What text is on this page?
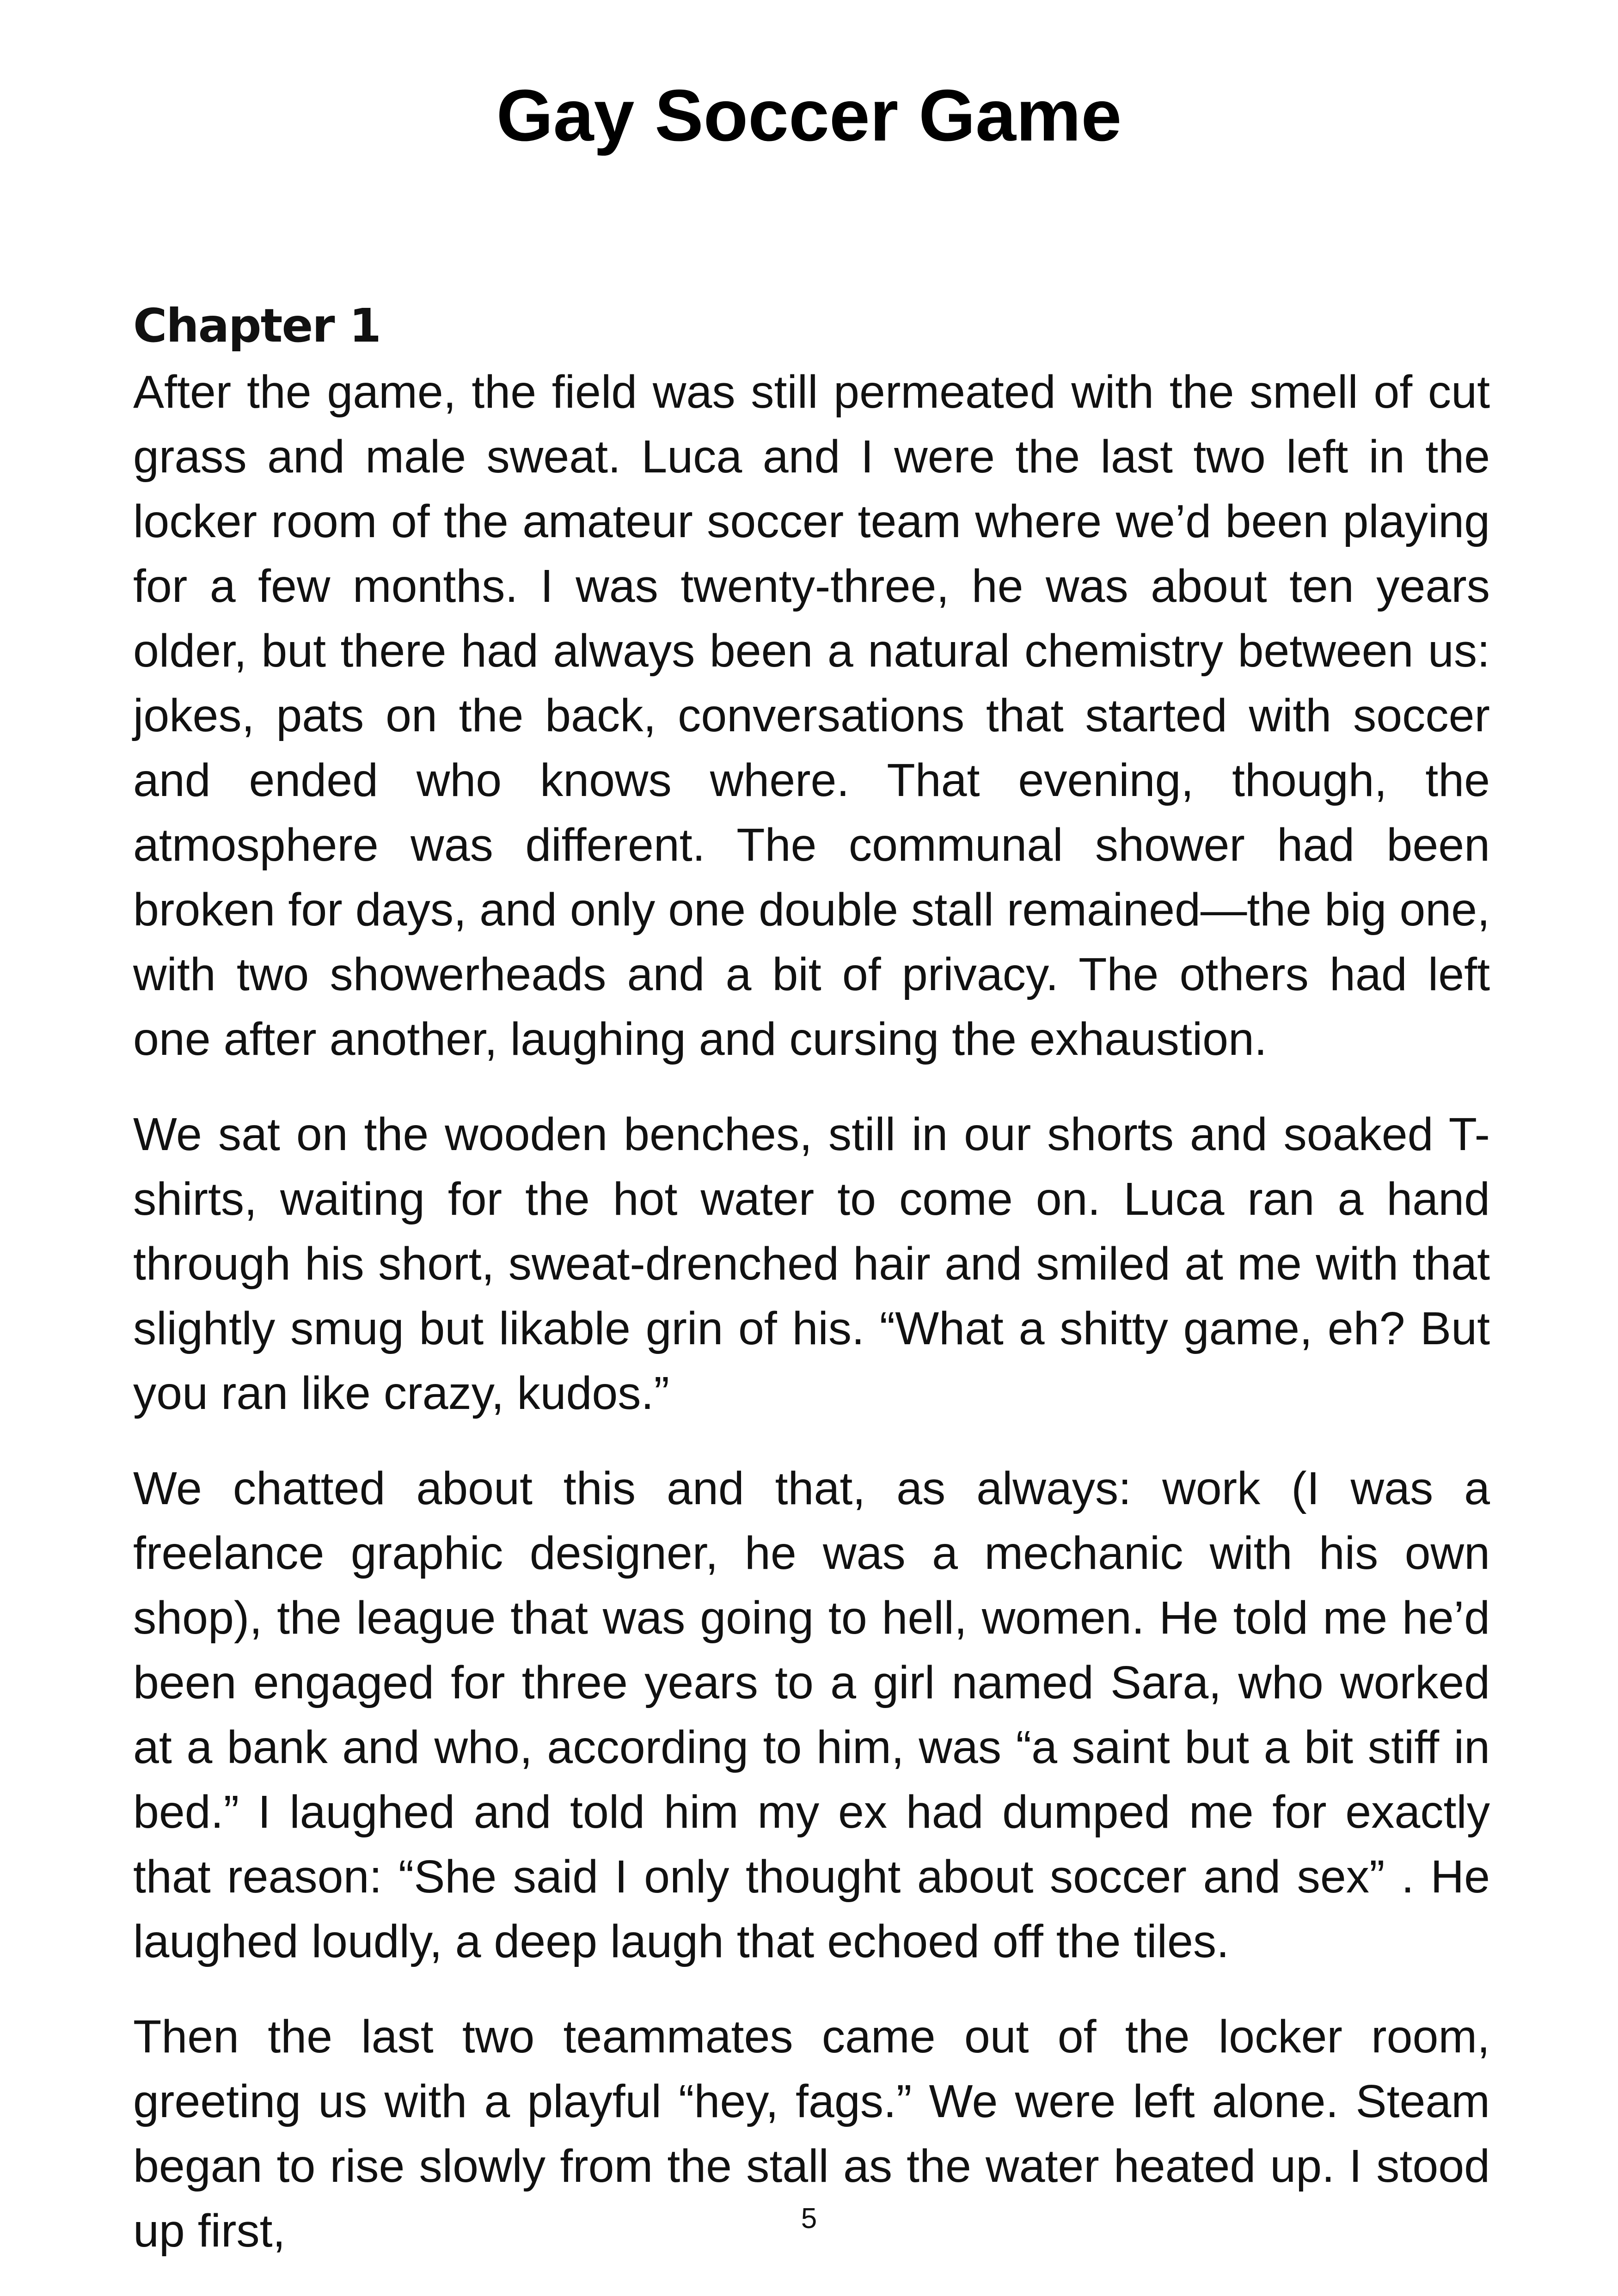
Gay Soccer Game
Chapter 1

After the game, the field was still permeated with the smell of cut grass and male sweat. Luca and I were the last two left in the locker room of the amateur soccer team where we’d been playing for a few months. I was twenty-three, he was about ten years older, but there had always been a natural chemistry between us: jokes, pats on the back, conversations that started with soccer and ended who knows where. That evening, though, the atmosphere was different. The communal shower had been broken for days, and only one double stall remained—the big one, with two showerheads and a bit of privacy. The others had left one after another, laughing and cursing the exhaustion.

We sat on the wooden benches, still in our shorts and soaked T-shirts, waiting for the hot water to come on. Luca ran a hand through his short, sweat-drenched hair and smiled at me with that slightly smug but likable grin of his. “What a shitty game, eh? But you ran like crazy, kudos.”

We chatted about this and that, as always: work (I was a freelance graphic designer, he was a mechanic with his own shop), the league that was going to hell, women. He told me he’d been engaged for three years to a girl named Sara, who worked at a bank and who, according to him, was “a saint but a bit stiff in bed.” I laughed and told him my ex had dumped me for exactly that reason: “She said I only thought about soccer and sex” . He laughed loudly, a deep laugh that echoed off the tiles.

Then the last two teammates came out of the locker room, greeting us with a playful “hey, fags.” We were left alone. Steam began to rise slowly from the stall as the water heated up. I stood up first,	5
